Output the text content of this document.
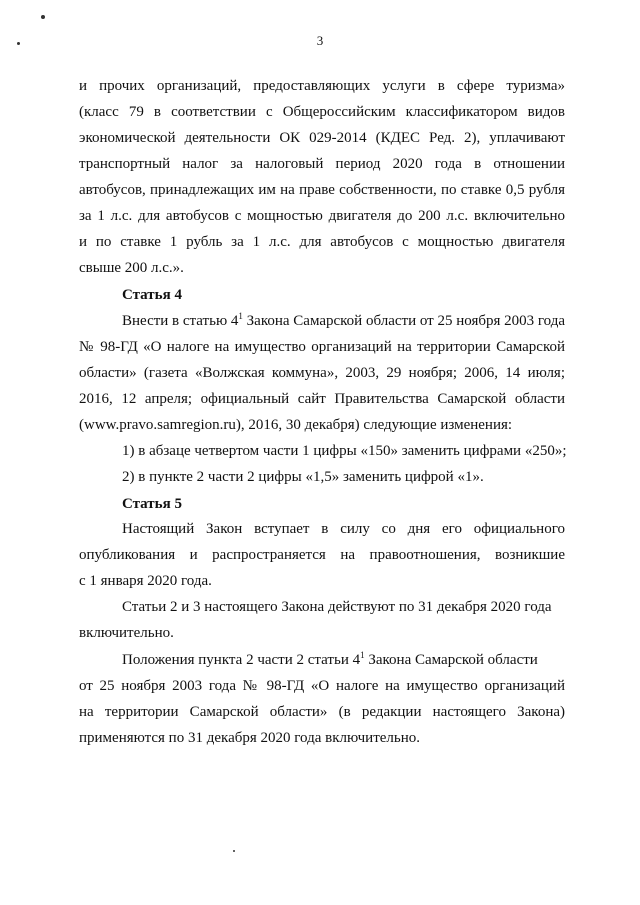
3
и прочих организаций, предоставляющих услуги в сфере туризма»
(класс 79 в соответствии с Общероссийским классификатором видов
экономической деятельности ОК 029-2014 (КДЕС Ред. 2), уплачивают
транспортный налог за налоговый период 2020 года в отношении
автобусов, принадлежащих им на праве собственности, по ставке 0,5 рубля
за 1 л.с. для автобусов с мощностью двигателя до 200 л.с. включительно
и по ставке 1 рубль за 1 л.с. для автобусов с мощностью двигателя
свыше 200 л.с.».
Статья 4
Внести в статью $4^1$ Закона Самарской области от 25 ноября 2003 года
№ 98-ГД «О налоге на имущество организаций на территории Самарской
области» (газета «Волжская коммуна», 2003, 29 ноября; 2006, 14 июля;
2016, 12 апреля; официальный сайт Правительства Самарской области
(www.pravo.samregion.ru), 2016, 30 декабря) следующие изменения:
1) в абзаце четвертом части 1 цифры «150» заменить цифрами «250»;
2) в пункте 2 части 2 цифры «1,5» заменить цифрой «1».
Статья 5
Настоящий Закон вступает в силу со дня его официального
опубликования и распространяется на правоотношения, возникшие
с 1 января 2020 года.
Статьи 2 и 3 настоящего Закона действуют по 31 декабря 2020 года
включительно.
Положения пункта 2 части 2 статьи $4^1$ Закона Самарской области
от 25 ноября 2003 года № 98-ГД «О налоге на имущество организаций
на территории Самарской области» (в редакции настоящего Закона)
применяются по 31 декабря 2020 года включительно.
